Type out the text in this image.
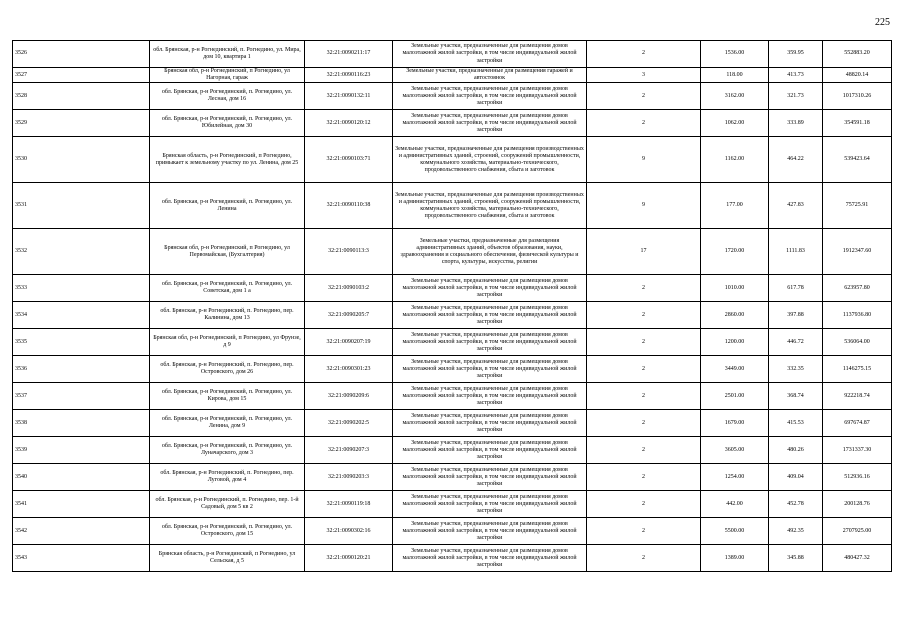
225
3526	обл. Брянская, р-н Рогнединский, п. Рогнедино, ул. Мира, дом 10, квартира 1	32:21:0090211:17	Земельные участки, предназначенные для размещения домов малоэтажной жилой застройки, в том числе индивидуальной жилой застройки	2	1536.00	359.95	552883.20
3527	Брянская обл, р-н Рогнединский, п Рогнедино, ул Нагорная, гараж	32:21:0090116:23	Земельные участки, предназначенные для размещения гаражей и автостоянок	3	118.00	413.73	48820.14
3528	обл. Брянская, р-н Рогнединский, п. Рогнедино, ул. Лесная, дом 16	32:21:0090132:11	Земельные участки, предназначенные для размещения домов малоэтажной жилой застройки, в том числе индивидуальной жилой застройки	2	3162.00	321.73	1017310.26
3529	обл. Брянская, р-н Рогнединский, п. Рогнедино, ул. Юбилейная, дом 30	32:21:0090120:12	Земельные участки, предназначенные для размещения домов малоэтажной жилой застройки, в том числе индивидуальной жилой застройки	2	1062.00	333.89	354591.18
3530	Брянская область, р-н Рогнединский, п Рогнедино, примыкает к земельному участку по ул. Ленина, дом 25	32:21:0090103:71	Земельные участки, предназначенные для размещения производственных и административных зданий, строений, сооружений промышленности, коммунального хозяйства, материально-технического, продовольственного снабжения, сбыта и заготовок	9	1162.00	464.22	539423.64
3531	обл. Брянская, р-н Рогнединский, п. Рогнедино, ул. Ленина	32:21:0090110:38	Земельные участки, предназначенные для размещения производственных и административных зданий, строений, сооружений промышленности, коммунального хозяйства, материально-технического, продовольственного снабжения, сбыта и заготовок	9	177.00	427.83	75725.91
3532	Брянская обл, р-н Рогнединский, п Рогнедино, ул Первомайская, (Бухгалтерия)	32:21:0090113:3	Земельные участки, предназначенные для размещения административных зданий, объектов образования, науки, здравоохранения и социального обеспечения, физической культуры и спорта, культуры, искусства, религии	17	1720.00	1111.83	1912347.60
3533	обл. Брянская, р-н Рогнединский, п. Рогнедино, ул. Советская, дом 1 а	32:21:0090103:2	Земельные участки, предназначенные для размещения домов малоэтажной жилой застройки, в том числе индивидуальной жилой застройки	2	1010.00	617.78	623957.80
3534	обл. Брянская, р-н Рогнединский, п. Рогнедино, пер. Калинина, дом 13	32:21:0090205:7	Земельные участки, предназначенные для размещения домов малоэтажной жилой застройки, в том числе индивидуальной жилой застройки	2	2860.00	397.88	1137936.80
3535	Брянская обл, р-н Рогнединский, п Рогнедино, ул Фрунзе, д 9	32:21:0090207:19	Земельные участки, предназначенные для размещения домов малоэтажной жилой застройки, в том числе индивидуальной жилой застройки	2	1200.00	446.72	536064.00
3536	обл. Брянская, р-н Рогнединский, п. Рогнедино, пер. Островского, дом 26	32:21:0090301:23	Земельные участки, предназначенные для размещения домов малоэтажной жилой застройки, в том числе индивидуальной жилой застройки	2	3449.00	332.35	1146275.15
3537	обл. Брянская, р-н Рогнединский, п. Рогнедино, ул. Кирова, дом 15	32:21:0090209:6	Земельные участки, предназначенные для размещения домов малоэтажной жилой застройки, в том числе индивидуальной жилой застройки	2	2501.00	368.74	922218.74
3538	обл. Брянская, р-н Рогнединский, п. Рогнедино, ул. Ленина, дом 9	32:21:0090202:5	Земельные участки, предназначенные для размещения домов малоэтажной жилой застройки, в том числе индивидуальной жилой застройки	2	1679.00	415.53	697674.87
3539	обл. Брянская, р-н Рогнединский, п. Рогнедино, ул. Луначарского, дом 3	32:21:0090207:3	Земельные участки, предназначенные для размещения домов малоэтажной жилой застройки, в том числе индивидуальной жилой застройки	2	3605.00	480.26	1731337.30
3540	обл. Брянская, р-н Рогнединский, п. Рогнедино, пер. Луговой, дом 4	32:21:0090203:3	Земельные участки, предназначенные для размещения домов малоэтажной жилой застройки, в том числе индивидуальной жилой застройки	2	1254.00	409.04	512936.16
3541	обл. Брянская, р-н Рогнединский, п. Рогнедино, пер. 1-й Садовый, дом 5 кв 2	32:21:0090119:18	Земельные участки, предназначенные для размещения домов малоэтажной жилой застройки, в том числе индивидуальной жилой застройки	2	442.00	452.78	200128.76
3542	обл. Брянская, р-н Рогнединский, п. Рогнедино, ул. Островского, дом 15	32:21:0090302:16	Земельные участки, предназначенные для размещения домов малоэтажной жилой застройки, в том числе индивидуальной жилой застройки	2	5500.00	492.35	2707925.00
3543	Брянская область, р-н Рогнединский, п Рогнедино, ул Сельская, д 5	32:21:0090120:21	Земельные участки, предназначенные для размещения домов малоэтажной жилой застройки, в том числе индивидуальной жилой застройки	2	1389.00	345.88	480427.32
